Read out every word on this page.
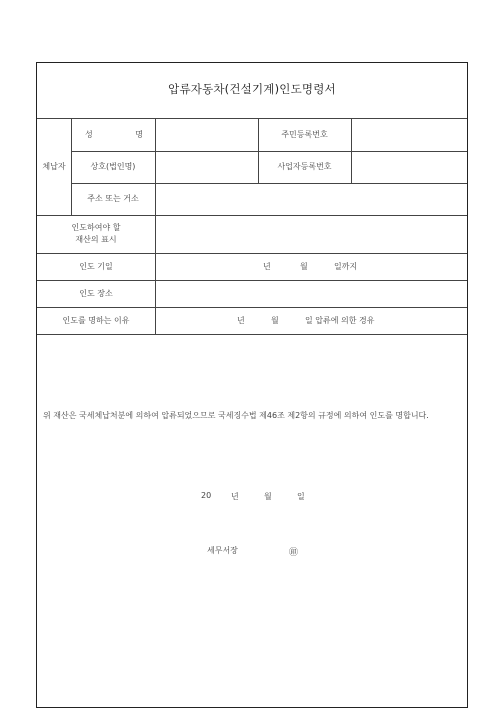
압류자동차(건설기계)인도명령서
체납자
성	명	주민등록번호
상호(법인명)	사업자등록번호
주소 또는 거소
인도하여야 할
재산의 표시
인도 기일	년	월	일까지
인도 장소
인도를 명하는 이유	년	월	일 압류에 의한 경유
위 재산은 국세체납처분에 의하여 압류되었으므로 국세징수법 제46조 제2항의 규정에 의하여 인도를 명합니다.
20 년	월	일
세무서장	㊞
